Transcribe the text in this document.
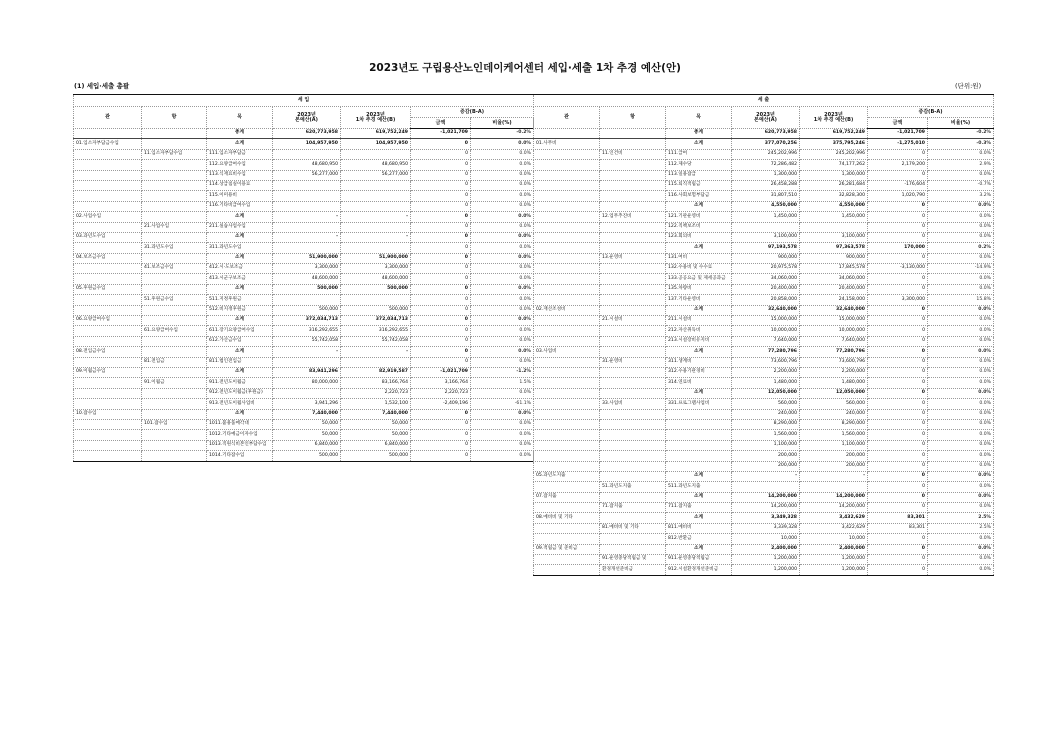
2023년도 구립용산노인데이케어센터 세입·세출 1차 추경 예산(안)
(1) 세입·세출 총괄	(단위:원)
세 입						
관	항	목	2023년
본예산(A)	2023년
1차 추경 예산(B)	증감(B-A)	
					금액	비율(%)
		총계	620,773,958	619,752,249	-1,021,709	-0.2%
01.입소자부담금수입		소계	104,957,950	104,957,950	0	0.0%
	11.입소자부담수입	111.입소자부담금			0	0.0%
		112.요양급여수입	48,680,950	48,680,950	0	0.0%
		113.식재료비수입	56,277,000	56,277,000	0	0.0%
		114.상급침실이용료			0	0.0%
		115.이미용비			0	0.0%
		116.기타비급여수입			0	0.0%
02.사업수입		소계	-	-	0	0.0%
	21.사업수입	211.실습사업수입			0	0.0%
03.과년도수입		소계	-	-	0	0.0%
	31.과년도수입	311.과년도수입			0	0.0%
04.보조금수입		소계	51,900,000	51,900,000	0	0.0%
	41.보조금수입	412.시·도보조금	3,300,000	3,300,000	0	0.0%
		413.시군구보조금	48,600,000	48,600,000	0	0.0%
05.후원금수입		소계	500,000	500,000	0	0.0%
	51.후원금수입	511.지정후원금			0	0.0%
		512.비지정후원금	500,000	500,000	0	0.0%
06.요양급여수입		소계	372,034,713	372,034,713	0	0.0%
	61.요양급여수입	611.장기요양급여수입	316,292,655	316,292,655	0	0.0%
		612.가산금수입	55,742,058	55,742,058	0	0.0%
08.전입금수입		소계	-	-	0	0.0%
	81.전입금	811.법인전입금			0	0.0%
09.이월금수입		소계	83,941,296	82,919,587	-1,021,709	-1.2%
	91.이월금	911.전년도이월금	80,000,000	83,166,764	3,166,764	1.5%
		912.전년도이월금(후원금)		2,220,723	2,220,723	0.0%
		913.전년도이월사업비	3,941,296	1,532,100	-2,409,196	-61.1%
10.잡수입		소계	7,440,000	7,440,000	0	0.0%
	101.잡수입	1011.불용품매각대	50,000	50,000	0	0.0%
		1012.기타예금이자수입	50,000	50,000	0	0.0%
		1013.직원식비본인부담수입	6,840,000	6,840,000	0	0.0%
		1014.기타잡수입	500,000	500,000	0	0.0%
세 출						
관	항	목	2023년
본예산(A)	2023년
1차 추경 예산(B)	증감(B-A)	
					금액	비율(%)
		총계	620,773,958	619,752,249	-1,021,709	-0.2%
01.사무비		소계	377,070,256	375,795,246	-1,275,010	-0.3%
	11.인건비	111.급여	245,202,996	245,202,996	0	0.0%
		112.제수당	72,286,482	74,177,262	2,179,200	2.9%
		113.일용잡급	1,300,000	1,300,000	0	0.0%
		115.퇴직적립금	26,458,288	26,281,684	-176,604	-0.7%
		116.사회보험부담금	31,807,510	32,828,300	1,020,790	3.2%
		소계	4,550,000	4,550,000	0	0.0%
	12.업무추진비	121.기관운영비	1,450,000	1,450,000	0	0.0%
		122.직책보조비			0	0.0%
		123.회의비	3,100,000	3,100,000	0	0.0%
		소계	97,193,578	97,363,578	170,000	0.2%
	13.운영비	131.여비	900,000	900,000	0	0.0%
		132.수용비 및 수수료	20,975,578	17,845,578	-3,130,000	-14.9%
		133.공공요금 및 제세공과금	34,060,000	34,060,000	0	0.0%
		135.차량비	20,400,000	20,400,000	0	0.0%
		137.기타운영비	20,858,000	24,158,000	3,300,000	15.8%
02.재산조성비		소계	32,640,000	32,640,000	0	0.0%
	21.시설비	211.시설비	15,000,000	15,000,000	0	0.0%
		212.자산취득비	10,000,000	10,000,000	0	0.0%
		213.시설장비유지비	7,640,000	7,640,000	0	0.0%
03.사업비		소계	77,280,796	77,280,796	0	0.0%
	31.운영비	311.생계비	73,600,796	73,600,796	0	0.0%
		312.수용기관경비	2,200,000	2,200,000	0	0.0%
		314.연료비	1,480,000	1,480,000	0	0.0%
		소계	12,050,000	12,050,000	0	0.0%
	33.사업비	331.프로그램사업비	560,000	560,000	0	0.0%
			240,000	240,000	0	0.0%
			8,290,000	8,290,000	0	0.0%
			1,560,000	1,560,000	0	0.0%
			1,100,000	1,100,000	0	0.0%
			200,000	200,000	0	0.0%
			200,000	200,000	0	0.0%
05.과년도지출		소계	-	-	0	0.0%
	51.과년도지출	511.과년도지출			0	0.0%
07.잡지출		소계	14,200,000	14,200,000	0	0.0%
	71.잡지출	711.잡지출	14,200,000	14,200,000	0	0.0%
08.예비비 및 기타		소계	3,349,328	3,432,629	83,301	2.5%
	81.예비비 및 기타	811.예비비	3,339,328	3,422,629	83,301	2.5%
		812.반환금	10,000	10,000	0	0.0%
09.적립금 및 준비금		소계	2,400,000	2,400,000	0	0.0%
	91.운영충당적립금 및	911.운영충당적립금	1,200,000	1,200,000	0	0.0%
	환경개선준비금	912.시설환경개선준비금	1,200,000	1,200,000	0	0.0%
